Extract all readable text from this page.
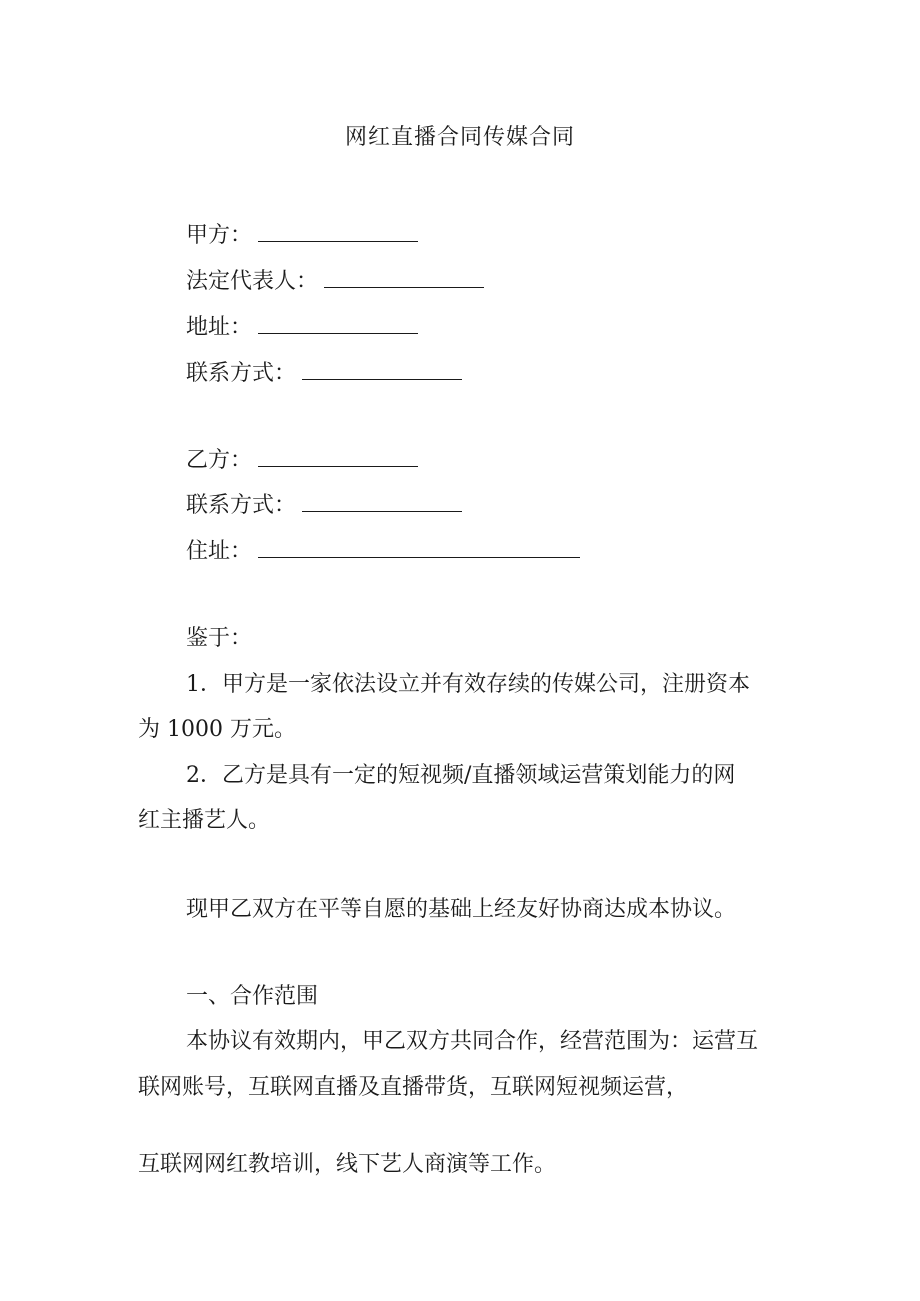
网红直播合同传媒合同
甲方：
法定代表人：
地址：
联系方式：
乙方：
联系方式：
住址：
鉴于：
1．甲方是一家依法设立并有效存续的传媒公司，注册资本
为 1000 万元。
2．乙方是具有一定的短视频/直播领域运营策划能力的网
红主播艺人。
现甲乙双方在平等自愿的基础上经友好协商达成本协议。
一、合作范围
本协议有效期内，甲乙双方共同合作，经营范围为：运营互
联网账号，互联网直播及直播带货，互联网短视频运营，
互联网网红教培训，线下艺人商演等工作。
